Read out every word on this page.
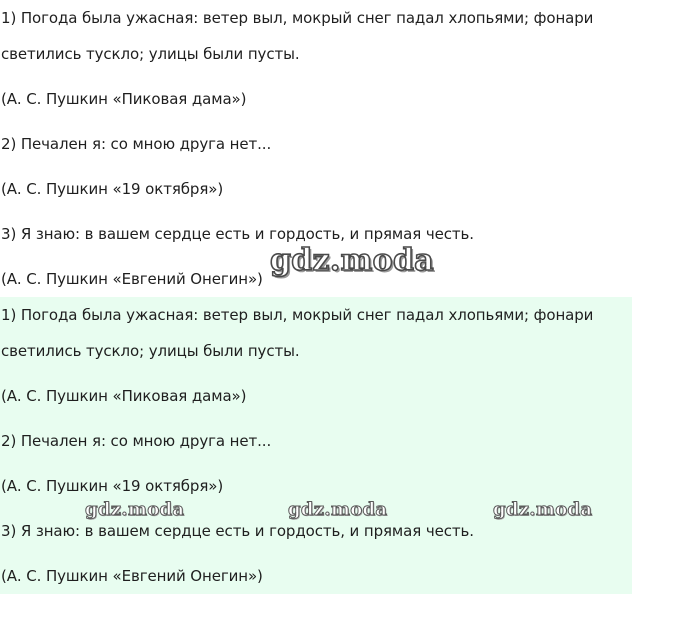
1) Погода была ужасная: ветер выл, мокрый снег падал хлопьями; фонари
светились тускло; улицы были пусты.
(А. С. Пушкин «Пиковая дама»)
2) Печален я: со мною друга нет...
(А. С. Пушкин «19 октября»)
3) Я знаю: в вашем сердце есть и гордость, и прямая честь.
(А. С. Пушкин «Евгений Онегин»)
1) Погода была ужасная: ветер выл, мокрый снег падал хлопьями; фонари
светились тускло; улицы были пусты.
(А. С. Пушкин «Пиковая дама»)
2) Печален я: со мною друга нет...
(А. С. Пушкин «19 октября»)
3) Я знаю: в вашем сердце есть и гордость, и прямая честь.
(А. С. Пушкин «Евгений Онегин»)
gdz.moda
gdz.moda	gdz.moda	gdz.moda
